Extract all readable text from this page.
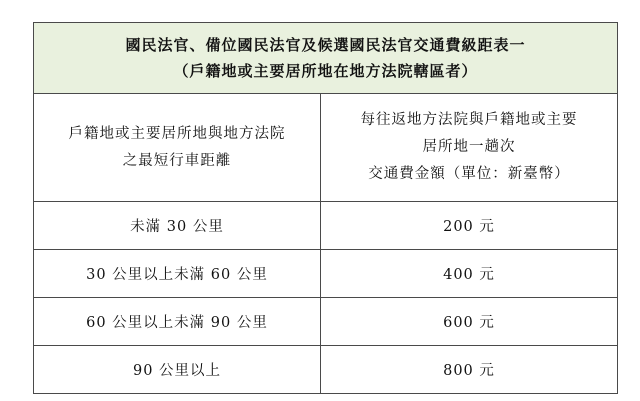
國民法官、備位國民法官及候選國民法官交通費級距表一
（戶籍地或主要居所地在地方法院轄區者）	

戶籍地或主要居所地與地方法院
之最短行車距離	每往返地方法院與戶籍地或主要
居所地一趟次
交通費金額（單位：新臺幣）

未滿 30 公里	200 元
30 公里以上未滿 60 公里	400 元
60 公里以上未滿 90 公里	600 元
90 公里以上	800 元
